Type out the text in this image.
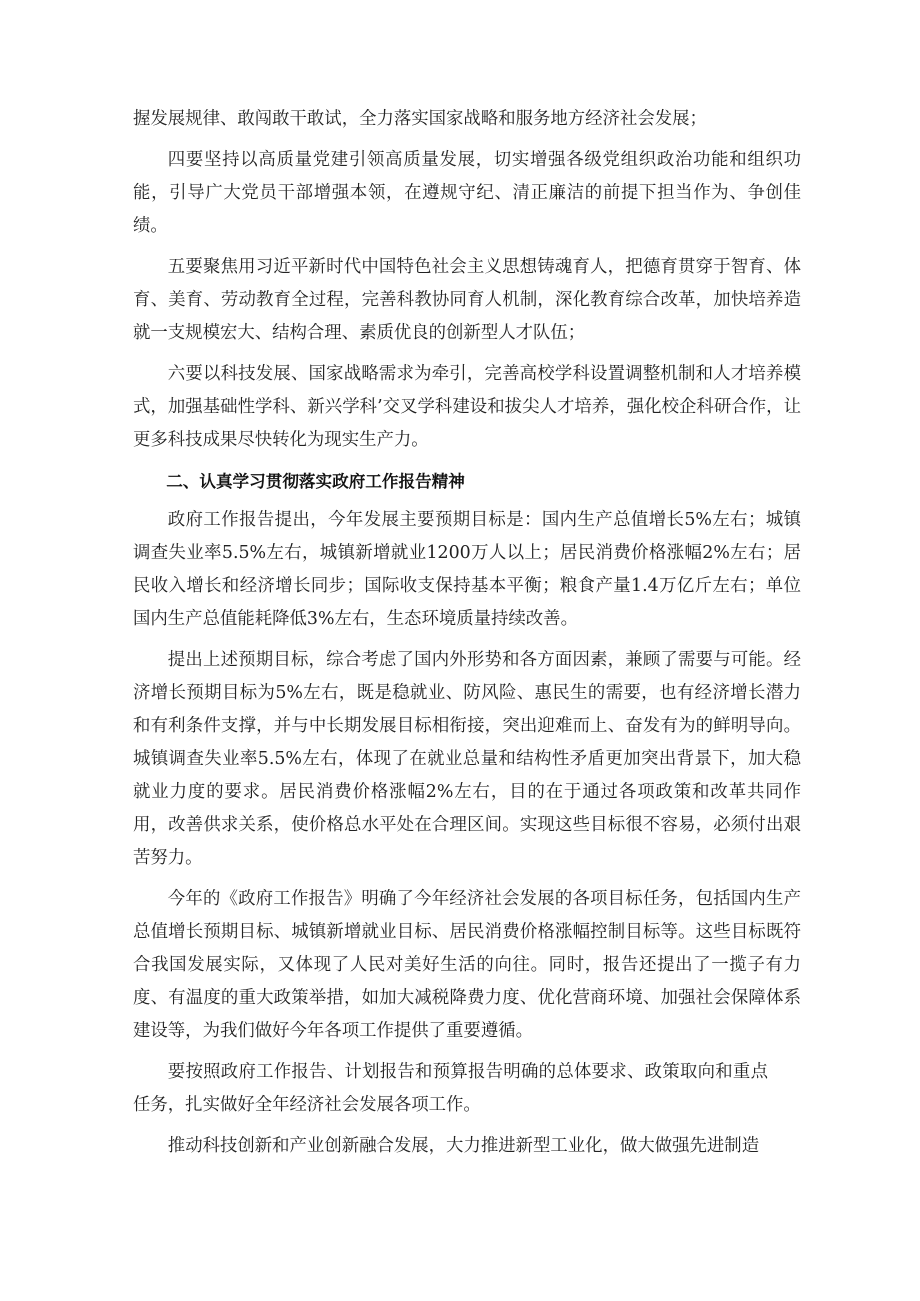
握发展规律、敢闯敢干敢试，全力落实国家战略和服务地方经济社会发展；

四要坚持以高质量党建引领高质量发展，切实增强各级党组织政治功能和组织功能，引导广大党员干部增强本领，在遵规守纪、清正廉洁的前提下担当作为、争创佳绩。

五要聚焦用习近平新时代中国特色社会主义思想铸魂育人，把德育贯穿于智育、体育、美育、劳动教育全过程，完善科教协同育人机制，深化教育综合改革，加快培养造就一支规模宏大、结构合理、素质优良的创新型人才队伍；

六要以科技发展、国家战略需求为牵引，完善高校学科设置调整机制和人才培养模式，加强基础性学科、新兴学科’交叉学科建设和拔尖人才培养，强化校企科研合作，让更多科技成果尽快转化为现实生产力。

二、认真学习贯彻落实政府工作报告精神

政府工作报告提出，今年发展主要预期目标是：国内生产总值增长5%左右；城镇调查失业率5.5%左右，城镇新增就业1200万人以上；居民消费价格涨幅2%左右；居民收入增长和经济增长同步；国际收支保持基本平衡；粮食产量1.4万亿斤左右；单位国内生产总值能耗降低3%左右，生态环境质量持续改善。

提出上述预期目标，综合考虑了国内外形势和各方面因素，兼顾了需要与可能。经济增长预期目标为5%左右，既是稳就业、防风险、惠民生的需要，也有经济增长潜力和有利条件支撑，并与中长期发展目标相衔接，突出迎难而上、奋发有为的鲜明导向。城镇调查失业率5.5%左右，体现了在就业总量和结构性矛盾更加突出背景下，加大稳就业力度的要求。居民消费价格涨幅2%左右，目的在于通过各项政策和改革共同作用，改善供求关系，使价格总水平处在合理区间。实现这些目标很不容易，必须付出艰苦努力。

今年的《政府工作报告》明确了今年经济社会发展的各项目标任务，包括国内生产总值增长预期目标、城镇新增就业目标、居民消费价格涨幅控制目标等。这些目标既符合我国发展实际，又体现了人民对美好生活的向往。同时，报告还提出了一揽子有力度、有温度的重大政策举措，如加大减税降费力度、优化营商环境、加强社会保障体系建设等，为我们做好今年各项工作提供了重要遵循。

要按照政府工作报告、计划报告和预算报告明确的总体要求、政策取向和重点任务，扎实做好全年经济社会发展各项工作。

推动科技创新和产业创新融合发展，大力推进新型工业化，做大做强先进制造
